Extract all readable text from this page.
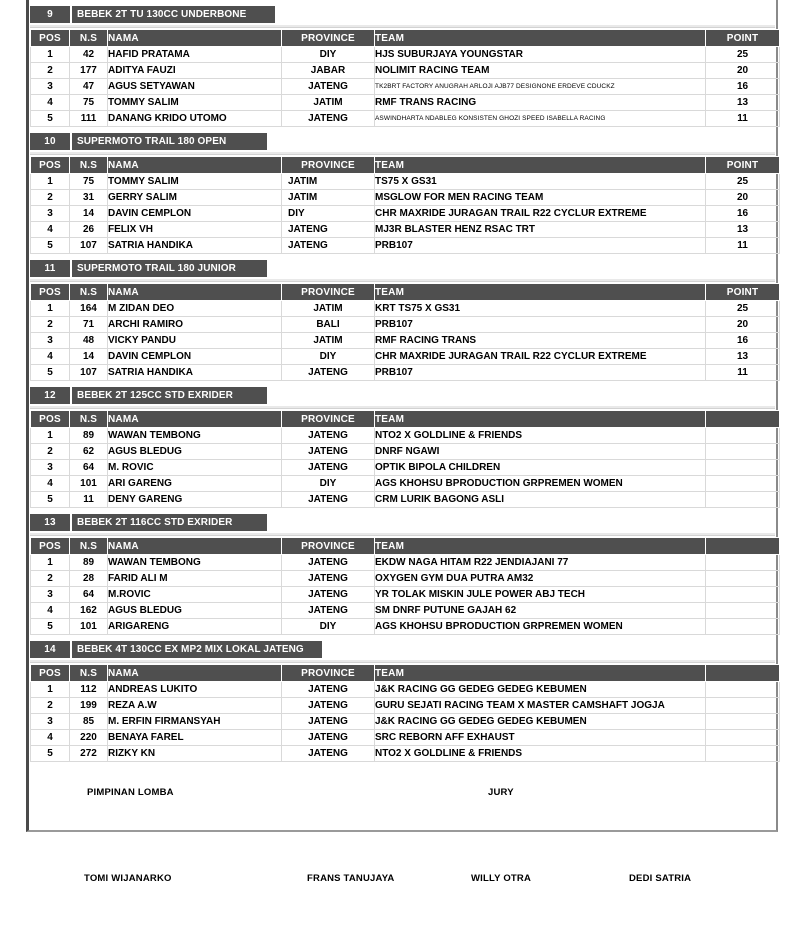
9	BEBEK 2T TU 130CC UNDERBONE
POS	N.S	NAMA	PROVINCE	TEAM	POINT
1	42	HAFID PRATAMA	DIY	HJS SUBURJAYA YOUNGSTAR	25
2	177	ADITYA FAUZI	JABAR	NOLIMIT RACING TEAM	20
3	47	AGUS SETYAWAN	JATENG	TK2BRT FACTORY ANUGRAH ARLOJI AJB77 DESIGNONE ERDEVE CDUCKZ	16
4	75	TOMMY SALIM	JATIM	RMF TRANS RACING	13
5	111	DANANG KRIDO UTOMO	JATENG	ASWINDHARTA NDABLEG KONSISTEN GHOZI SPEED ISABELLA RACING	11
10	SUPERMOTO TRAIL 180 OPEN
POS	N.S	NAMA	PROVINCE	TEAM	POINT
1	75	TOMMY SALIM	JATIM	TS75 X GS31	25
2	31	GERRY SALIM	JATIM	MSGLOW FOR MEN RACING TEAM	20
3	14	DAVIN CEMPLON	DIY	CHR MAXRIDE JURAGAN TRAIL R22 CYCLUR EXTREME	16
4	26	FELIX VH	JATENG	MJ3R BLASTER HENZ RSAC TRT	13
5	107	SATRIA HANDIKA	JATENG	PRB107	11
11	SUPERMOTO TRAIL 180 JUNIOR
POS	N.S	NAMA	PROVINCE	TEAM	POINT
1	164	M ZIDAN DEO	JATIM	KRT TS75 X GS31	25
2	71	ARCHI RAMIRO	BALI	PRB107	20
3	48	VICKY PANDU	JATIM	RMF RACING TRANS	16
4	14	DAVIN CEMPLON	DIY	CHR MAXRIDE JURAGAN TRAIL R22 CYCLUR EXTREME	13
5	107	SATRIA HANDIKA	JATENG	PRB107	11
12	BEBEK 2T 125CC STD EXRIDER
POS	N.S	NAMA	PROVINCE	TEAM	
1	89	WAWAN TEMBONG	JATENG	NTO2 X GOLDLINE & FRIENDS	
2	62	AGUS BLEDUG	JATENG	DNRF NGAWI	
3	64	M. ROVIC	JATENG	OPTIK BIPOLA CHILDREN	
4	101	ARI GARENG	DIY	AGS KHOHSU BPRODUCTION GRPREMEN WOMEN	
5	11	DENY GARENG	JATENG	CRM LURIK BAGONG ASLI	
13	BEBEK 2T 116CC STD EXRIDER
POS	N.S	NAMA	PROVINCE	TEAM	
1	89	WAWAN TEMBONG	JATENG	EKDW NAGA HITAM R22 JENDIAJANI 77	
2	28	FARID ALI M	JATENG	OXYGEN GYM DUA PUTRA AM32	
3	64	M.ROVIC	JATENG	YR TOLAK MISKIN JULE POWER ABJ TECH	
4	162	AGUS BLEDUG	JATENG	SM DNRF PUTUNE GAJAH 62	
5	101	ARIGARENG	DIY	AGS KHOHSU BPRODUCTION GRPREMEN WOMEN	
14	BEBEK 4T 130CC EX MP2 MIX LOKAL JATENG
POS	N.S	NAMA	PROVINCE	TEAM	
1	112	ANDREAS LUKITO	JATENG	J&K RACING GG GEDEG GEDEG KEBUMEN	
2	199	REZA A.W	JATENG	GURU SEJATI RACING TEAM X MASTER CAMSHAFT JOGJA	
3	85	M. ERFIN FIRMANSYAH	JATENG	J&K RACING GG GEDEG GEDEG KEBUMEN	
4	220	BENAYA FAREL	JATENG	SRC REBORN AFF EXHAUST	
5	272	RIZKY KN	JATENG	NTO2 X GOLDLINE & FRIENDS	
PIMPINAN LOMBA	JURY
TOMI WIJANARKO	FRANS TANUJAYA	WILLY OTRA	DEDI SATRIA
